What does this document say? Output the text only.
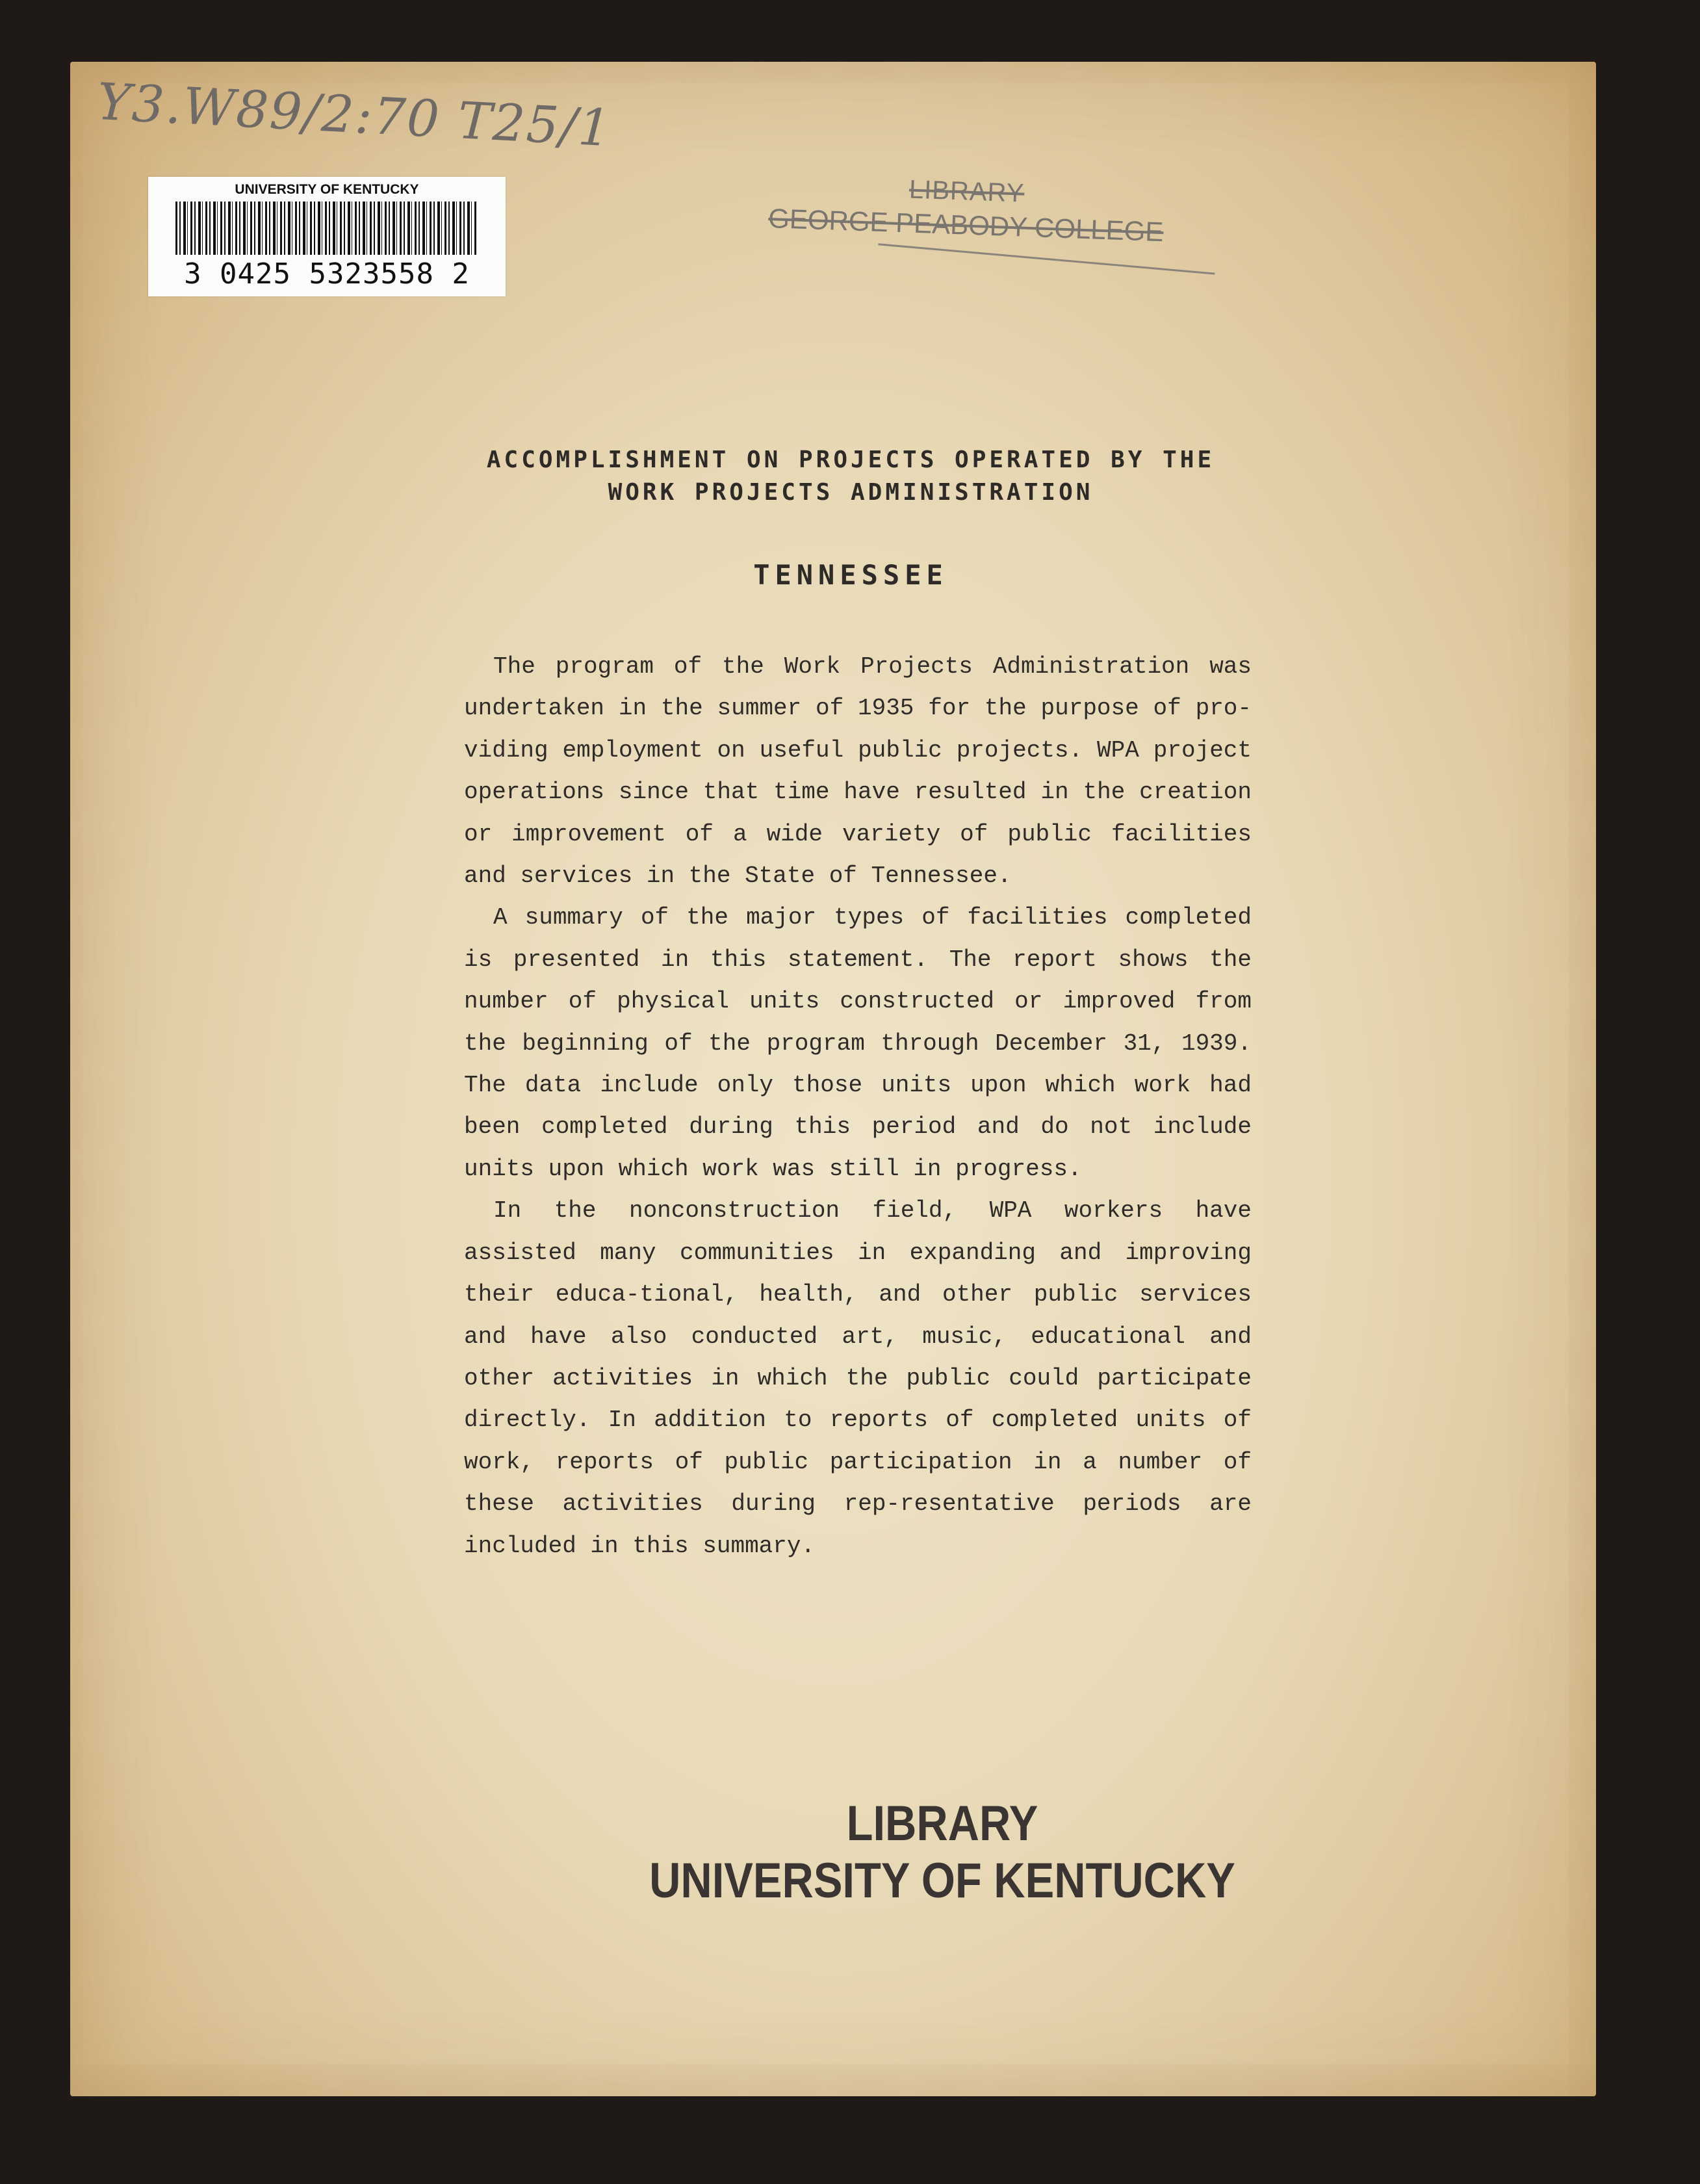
Y3.W89/2:70 T25/1
UNIVERSITY OF KENTUCKY
3 0425 5323558 2
LIBRARY
GEORGE PEABODY COLLEGE
ACCOMPLISHMENT ON PROJECTS OPERATED BY THE
WORK PROJECTS ADMINISTRATION
TENNESSEE

The program of the Work Projects Administration was undertaken in the summer of 1935 for the purpose of pro-viding employment on useful public projects. WPA project operations since that time have resulted in the creation or improvement of a wide variety of public facilities and services in the State of Tennessee.

A summary of the major types of facilities completed is presented in this statement. The report shows the number of physical units constructed or improved from the beginning of the program through December 31, 1939. The data include only those units upon which work had been completed during this period and do not include units upon which work was still in progress.

In the nonconstruction field, WPA workers have assisted many communities in expanding and improving their educa-tional, health, and other public services and have also conducted art, music, educational and other activities in which the public could participate directly. In addition to reports of completed units of work, reports of public participation in a number of these activities during rep-resentative periods are included in this summary.

LIBRARY
UNIVERSITY OF KENTUCKY
